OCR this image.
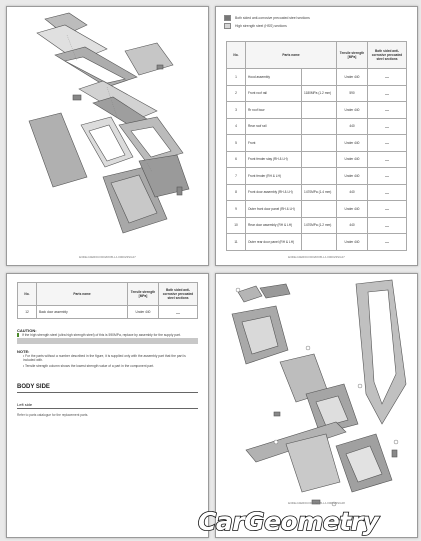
E3DEJ-0ER0CO002ROB-LJ-000023SG27
Both sided anti-corrosive precoated steel sections
High strength steel (HSS) sections
No.	Parts name		Tensile strength [MPa]	Both sided anti-corrosive precoated steel sections
1	Hood assembly		Under 440	—
2	Front roof rail	1180MPa (1.2 mm)	590	—
3	Rr roof bow		Under 440	—
4	Rear roof rail		440	—
5	Front		Under 440	—
6	Front fender stay (RH & LH)		Under 440	—
7	Front fender (RH & LH)		Under 440	—
8	Front door assembly (RH & LH)	1470MPa (1.4 mm)	440	—
9	Outer front door panel (RH & LH)		Under 440	—
10	Rear door assembly (RH & LH)	1470MPa (1.2 mm)	440	—
11	Outer rear door panel (RH & LH)		Under 440	—
E3DEJ-0ER0CO002ROB-LJ-000023SG27
No.	Parts name	Tensile strength [MPa]	Both sided anti-corrosive precoated steel sections
12	Back door assembly	Under 440	—
CAUTION:
If the high strength steel (ultra high strength steel) of this is 590MPa, replace by assembly for the supply part.
NOTE:
• For the parts without a number described in the figure, it is supplied only with the assembly part that the part is included with.
• Tensile strength column shows the lowest strength value of a part in the component part.
BODY SIDE
Left side
Refer to parts catalogue for the replacement parts.
E3DEJ-0ER0CO002ROB-LJ-000023SG28
CarGeometry
